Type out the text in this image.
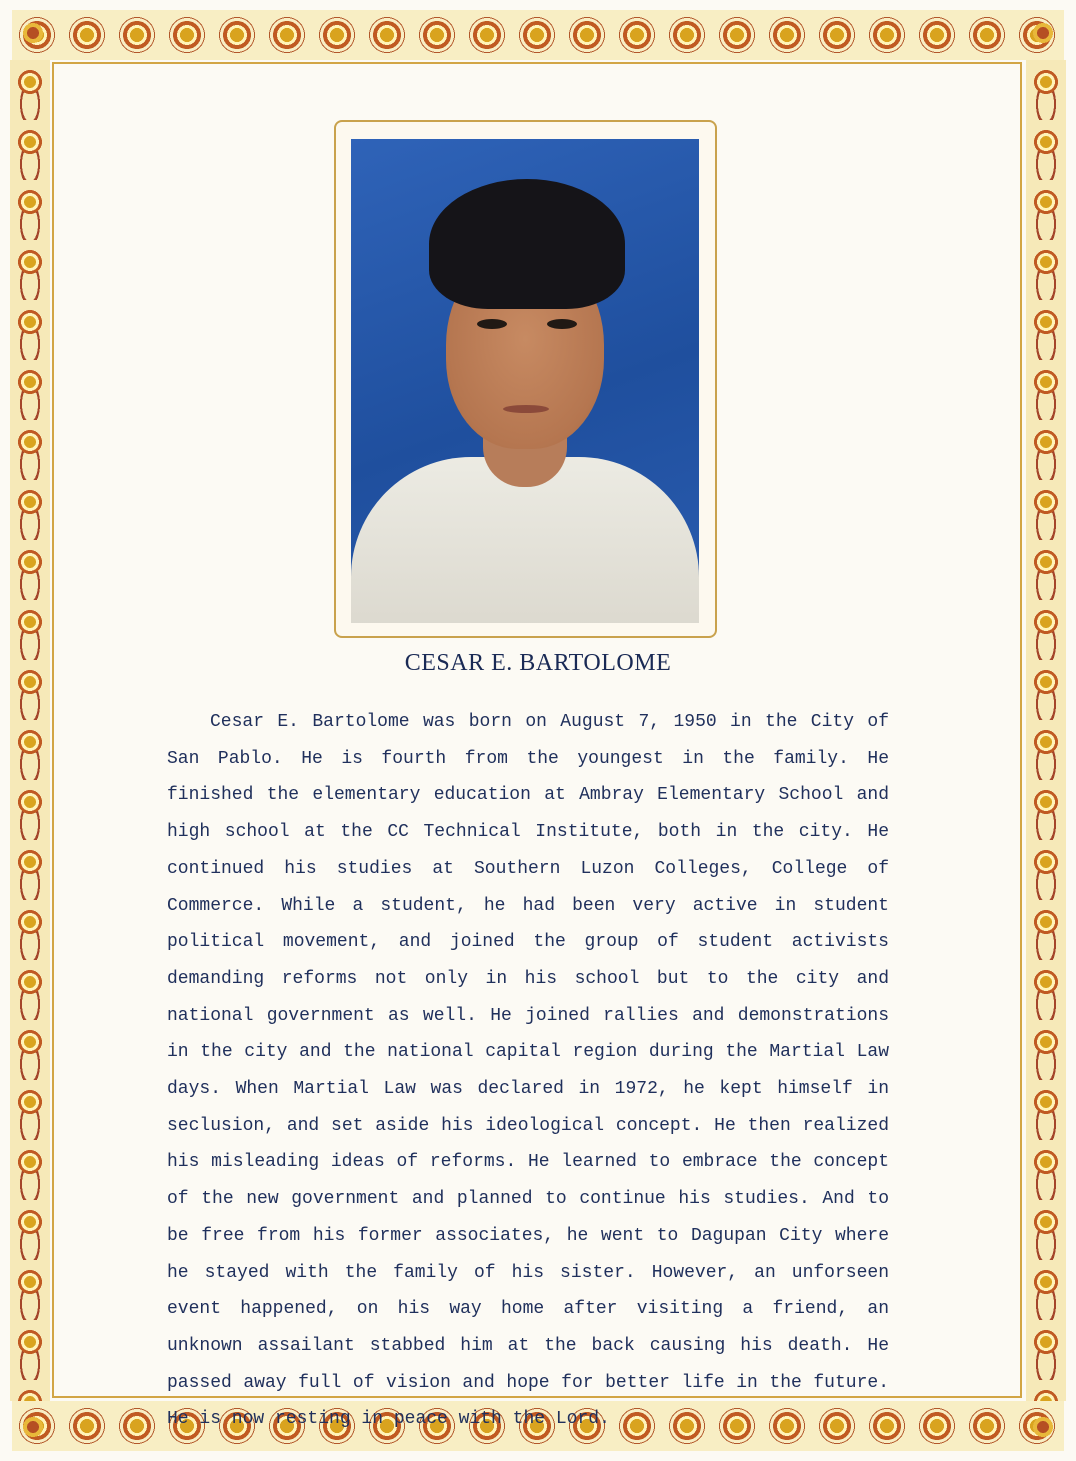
CESAR E. BARTOLOME

Cesar E. Bartolome was born on August 7, 1950 in the City of San Pablo. He is fourth from the youngest in the family. He finished the elementary education at Ambray Elementary School and high school at the CC Technical Institute, both in the city. He continued his studies at Southern Luzon Colleges, College of Commerce. While a student, he had been very active in student political movement, and joined the group of student activists demanding reforms not only in his school but to the city and national government as well. He joined rallies and demonstrations in the city and the national capital region during the Martial Law days. When Martial Law was declared in 1972, he kept himself in seclusion, and set aside his ideological concept. He then realized his misleading ideas of reforms. He learned to embrace the concept of the new government and planned to continue his studies. And to be free from his former associates, he went to Dagupan City where he stayed with the family of his sister. However, an unforseen event happened, on his way home after visiting a friend, an unknown assailant stabbed him at the back causing his death. He passed away full of vision and hope for better life in the future. He is now resting in peace with the Lord.
